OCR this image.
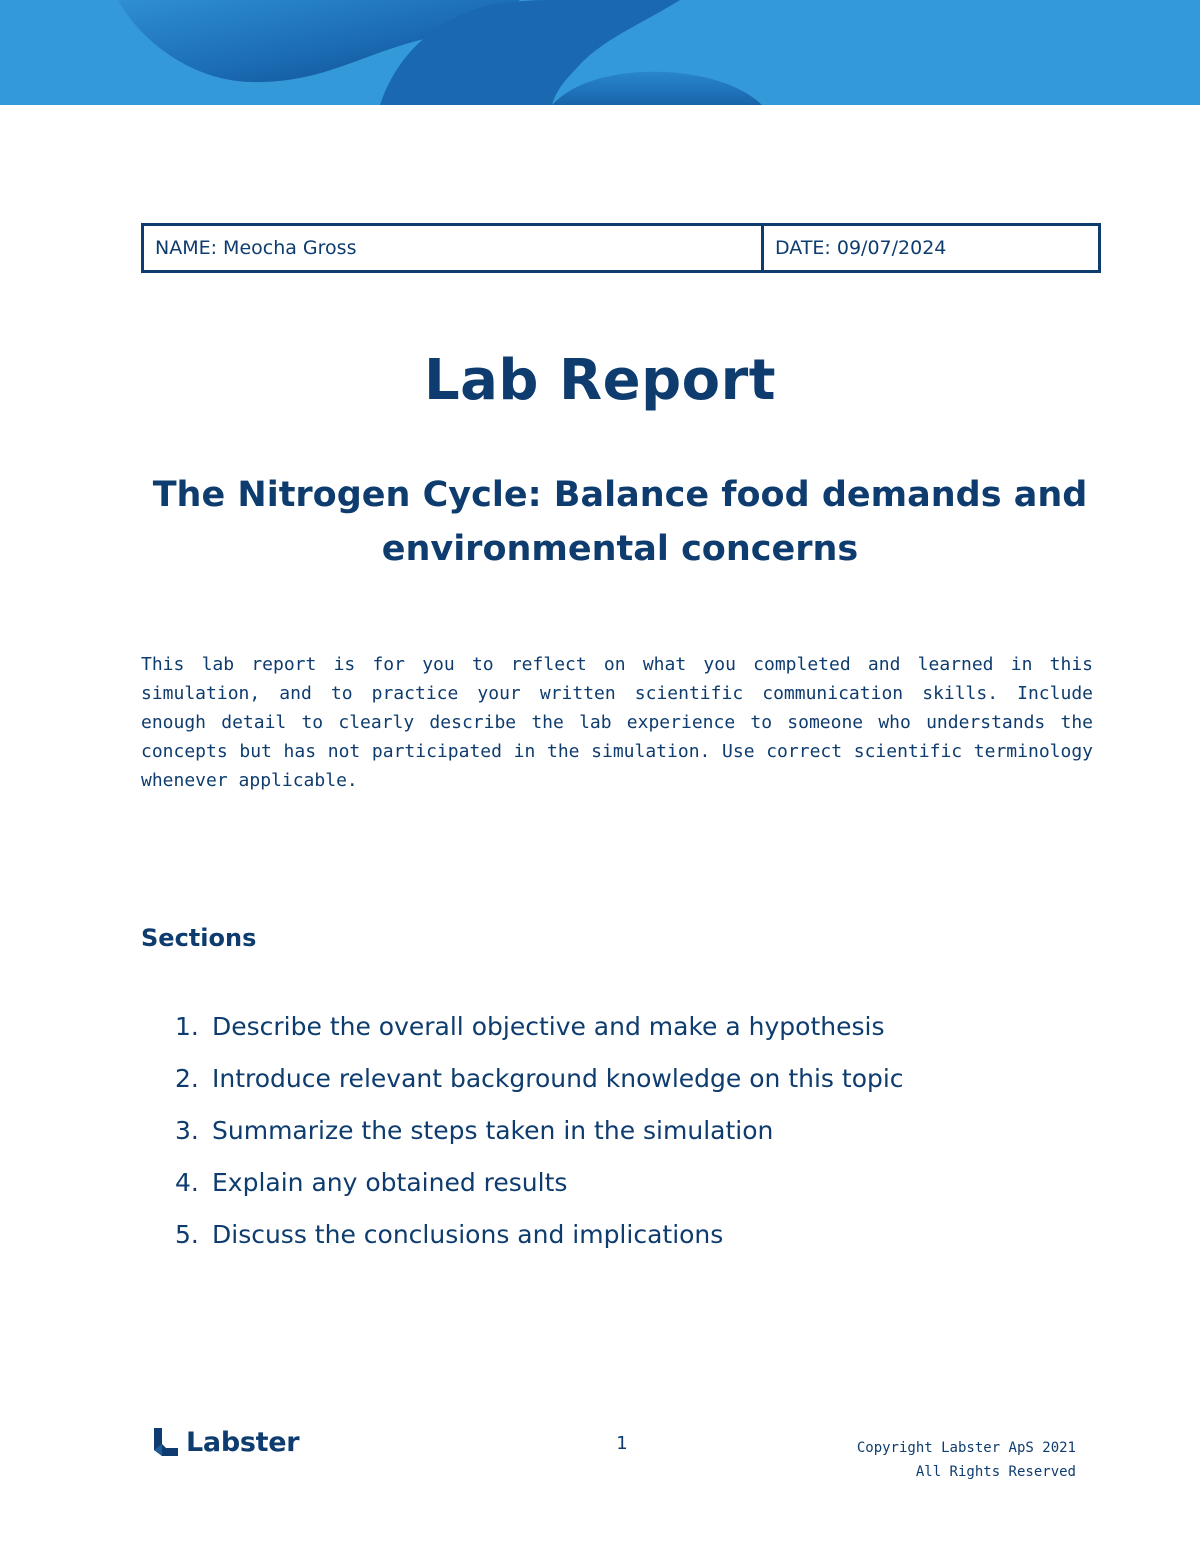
NAME: Meocha Gross	DATE: 09/07/2024
Lab Report
The Nitrogen Cycle: Balance food demands and environmental concerns

This lab report is for you to reflect on what you completed and learned in this simulation, and to practice your written scientific communication skills. Include enough detail to clearly describe the lab experience to someone who understands the concepts but has not participated in the simulation. Use correct scientific terminology whenever applicable.

Sections
1. Describe the overall objective and make a hypothesis
2. Introduce relevant background knowledge on this topic
3. Summarize the steps taken in the simulation
4. Explain any obtained results
5. Discuss the conclusions and implications
Labster	1	Copyright Labster ApS 2021
All Rights Reserved
